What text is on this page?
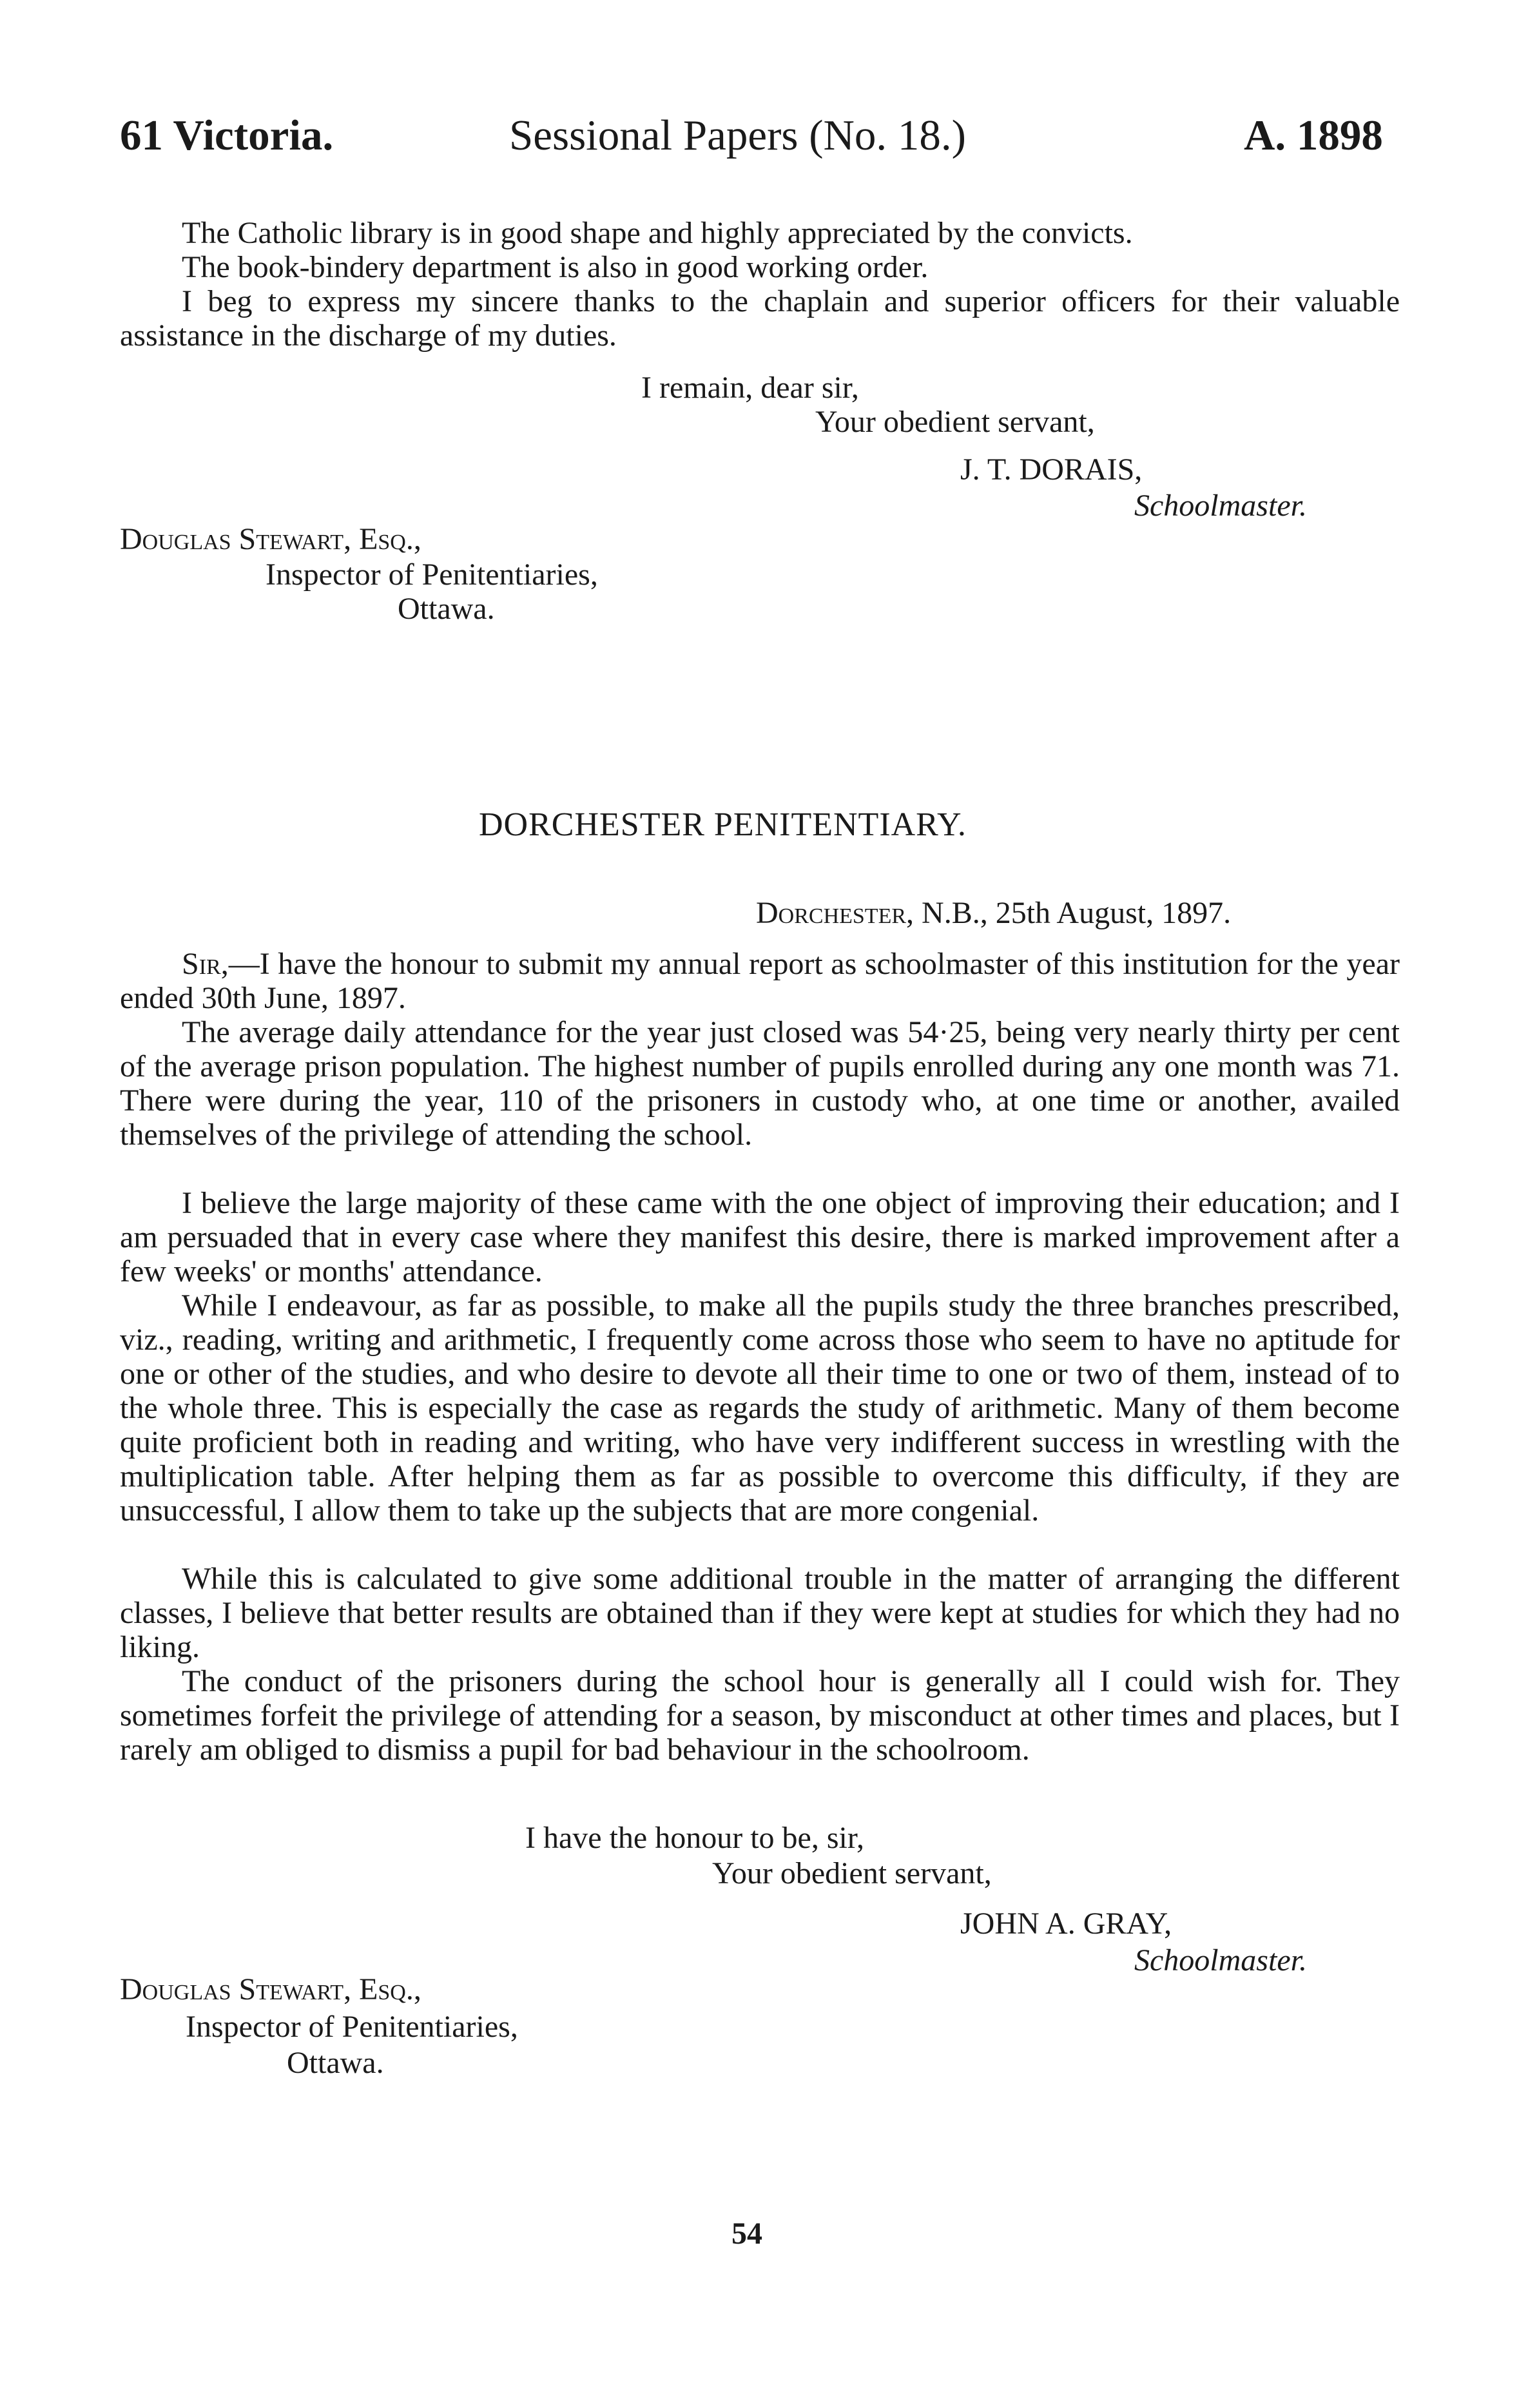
61 Victoria.	Sessional Papers (No. 18.)	A. 1898
The Catholic library is in good shape and highly appreciated by the convicts.
The book-bindery department is also in good working order.
I beg to express my sincere thanks to the chaplain and superior officers for their valuable assistance in the discharge of my duties.
I remain, dear sir,
Your obedient servant,
J. T. DORAIS,
Schoolmaster.
Douglas Stewart, Esq.,
Inspector of Penitentiaries,
Ottawa.
DORCHESTER PENITENTIARY.
Dorchester, N.B., 25th August, 1897.
Sir,—I have the honour to submit my annual report as schoolmaster of this institution for the year ended 30th June, 1897.
The average daily attendance for the year just closed was 54·25, being very nearly thirty per cent of the average prison population. The highest number of pupils enrolled during any one month was 71. There were during the year, 110 of the prisoners in custody who, at one time or another, availed themselves of the privilege of attending the school.
I believe the large majority of these came with the one object of improving their education; and I am persuaded that in every case where they manifest this desire, there is marked improvement after a few weeks' or months' attendance.
While I endeavour, as far as possible, to make all the pupils study the three branches prescribed, viz., reading, writing and arithmetic, I frequently come across those who seem to have no aptitude for one or other of the studies, and who desire to devote all their time to one or two of them, instead of to the whole three. This is especially the case as regards the study of arithmetic. Many of them become quite proficient both in reading and writing, who have very indifferent success in wrestling with the multiplication table. After helping them as far as possible to overcome this difficulty, if they are unsuccessful, I allow them to take up the subjects that are more congenial.
While this is calculated to give some additional trouble in the matter of arranging the different classes, I believe that better results are obtained than if they were kept at studies for which they had no liking.
The conduct of the prisoners during the school hour is generally all I could wish for. They sometimes forfeit the privilege of attending for a season, by misconduct at other times and places, but I rarely am obliged to dismiss a pupil for bad behaviour in the schoolroom.
I have the honour to be, sir,
Your obedient servant,
JOHN A. GRAY,
Schoolmaster.
Douglas Stewart, Esq.,
Inspector of Penitentiaries,
Ottawa.
54
